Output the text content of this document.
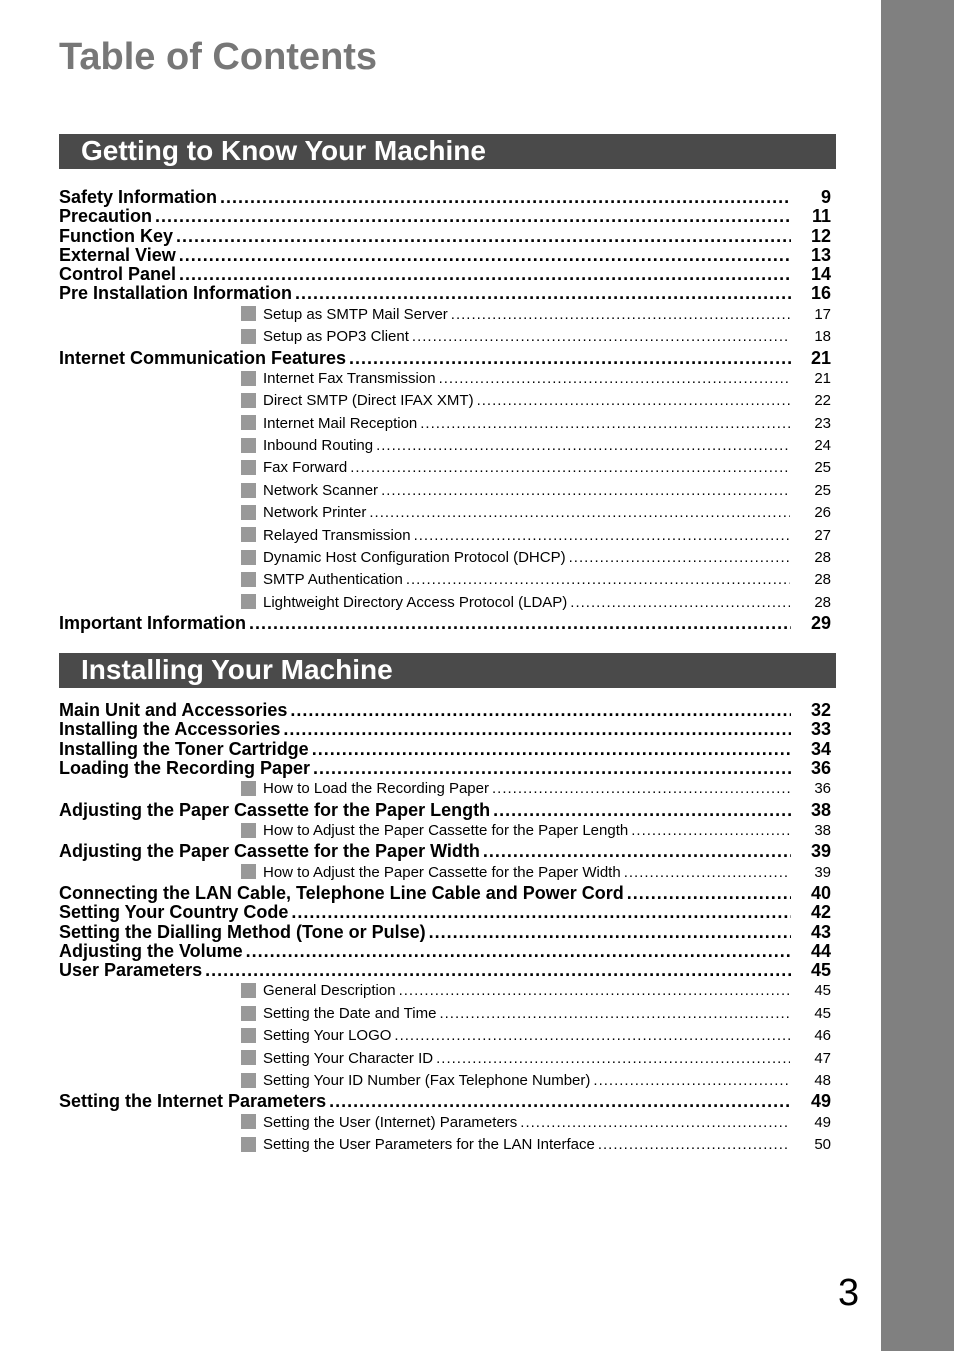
Table of Contents
Getting to Know Your Machine
Safety Information .....	9
Precaution .....	11
Function Key .....	12
External View .....	13
Control Panel .....	14
Pre Installation Information .....	16
Setup as SMTP Mail Server .....	17
Setup as POP3 Client .....	18
Internet Communication Features .....	21
Internet Fax Transmission .....	21
Direct SMTP (Direct IFAX XMT) .....	22
Internet Mail Reception .....	23
Inbound Routing .....	24
Fax Forward .....	25
Network Scanner .....	25
Network Printer .....	26
Relayed Transmission .....	27
Dynamic Host Configuration Protocol (DHCP) .....	28
SMTP Authentication .....	28
Lightweight Directory Access Protocol (LDAP) .....	28
Important Information .....	29
Installing Your Machine
Main Unit and Accessories .....	32
Installing the Accessories .....	33
Installing the Toner Cartridge .....	34
Loading the Recording Paper .....	36
How to Load the Recording Paper .....	36
Adjusting the Paper Cassette for the Paper Length .....	38
How to Adjust the Paper Cassette for the Paper Length .....	38
Adjusting the Paper Cassette for the Paper Width .....	39
How to Adjust the Paper Cassette for the Paper Width .....	39
Connecting the LAN Cable, Telephone Line Cable and Power Cord .....	40
Setting Your Country Code .....	42
Setting the Dialling Method (Tone or Pulse) .....	43
Adjusting the Volume .....	44
User Parameters .....	45
General Description .....	45
Setting the Date and Time .....	45
Setting Your LOGO .....	46
Setting Your Character ID .....	47
Setting Your ID Number (Fax Telephone Number) .....	48
Setting the Internet Parameters .....	49
Setting the User (Internet) Parameters .....	49
Setting the User Parameters for the LAN Interface .....	50
3
